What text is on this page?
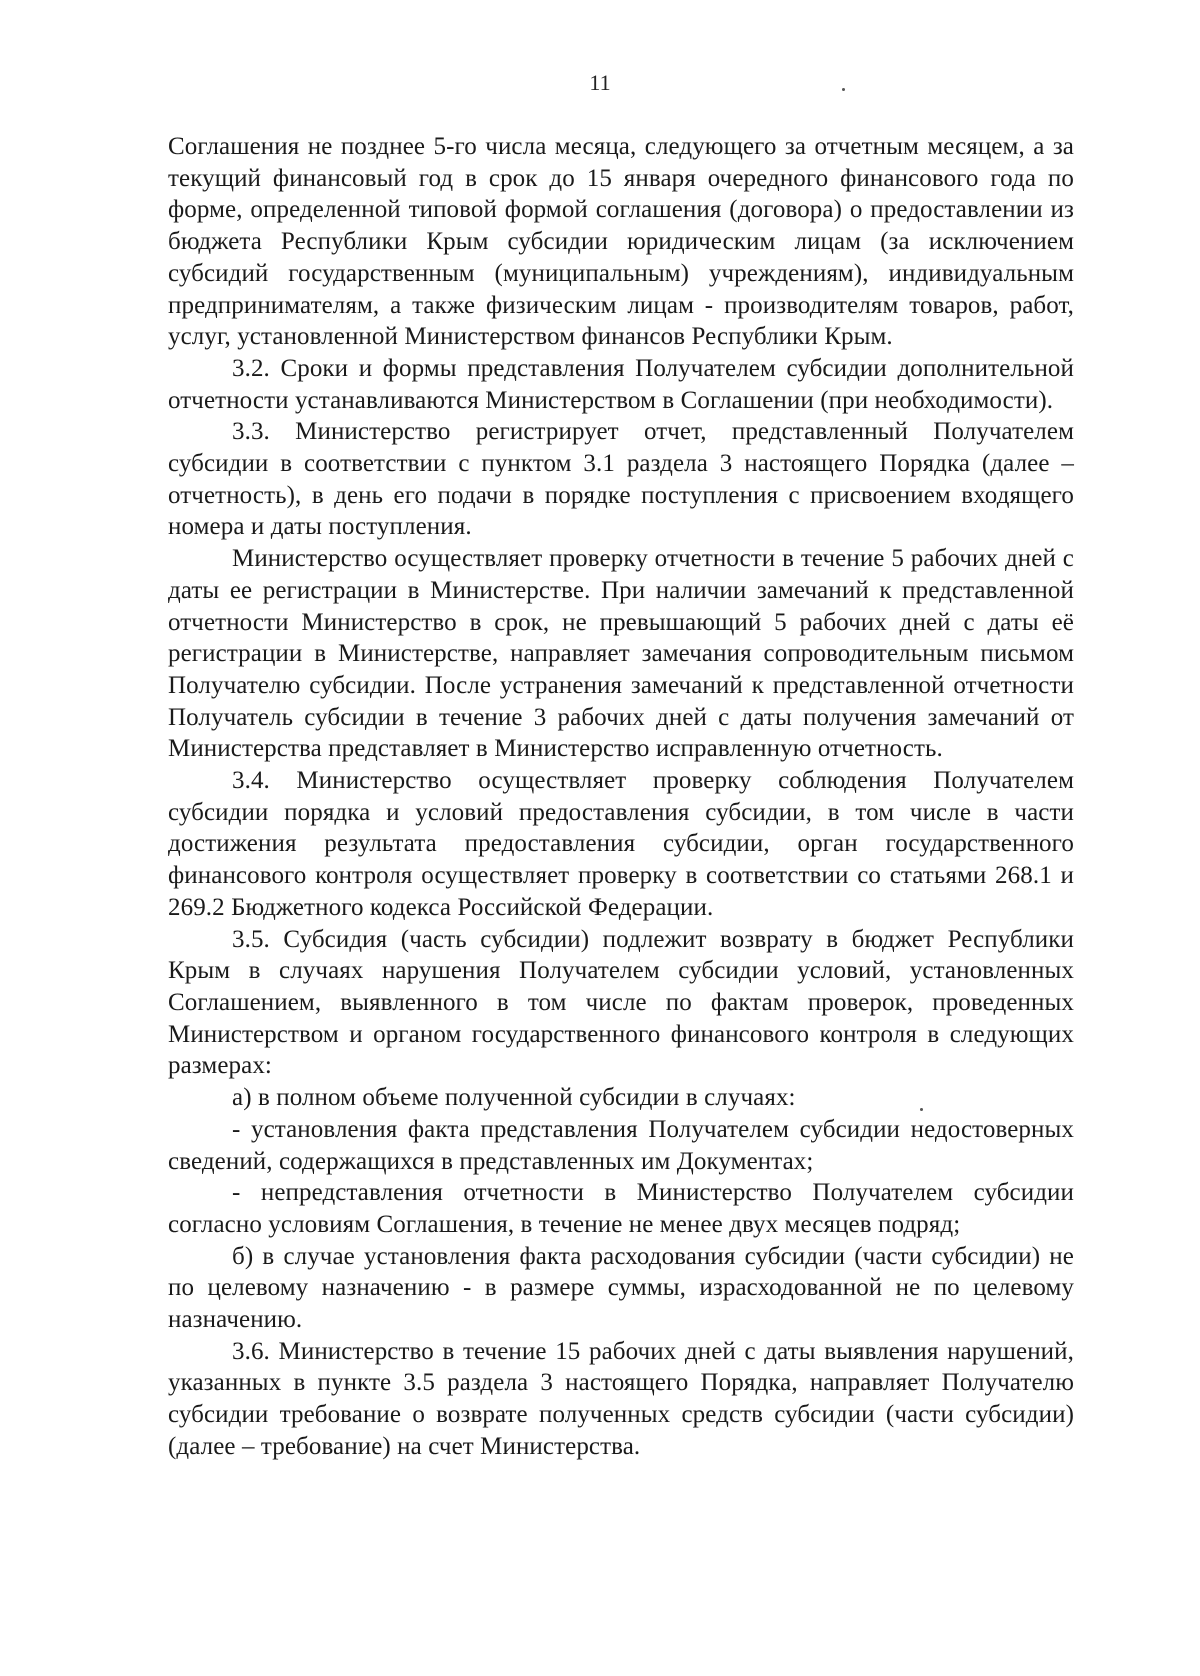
11

Соглашения не позднее 5-го числа месяца, следующего за отчетным месяцем, а за текущий финансовый год в срок до 15 января очередного финансового года по форме, определенной типовой формой соглашения (договора) о предоставлении из бюджета Республики Крым субсидии юридическим лицам (за исключением субсидий государственным (муниципальным) учреждениям), индивидуальным предпринимателям, а также физическим лицам - производителям товаров, работ, услуг, установленной Министерством финансов Республики Крым.

3.2. Сроки и формы представления Получателем субсидии дополнительной отчетности устанавливаются Министерством в Соглашении (при необходимости).

3.3. Министерство регистрирует отчет, представленный Получателем субсидии в соответствии с пунктом 3.1 раздела 3 настоящего Порядка (далее – отчетность), в день его подачи в порядке поступления с присвоением входящего номера и даты поступления.

Министерство осуществляет проверку отчетности в течение 5 рабочих дней с даты ее регистрации в Министерстве. При наличии замечаний к представленной отчетности Министерство в срок, не превышающий 5 рабочих дней с даты её регистрации в Министерстве, направляет замечания сопроводительным письмом Получателю субсидии. После устранения замечаний к представленной отчетности Получатель субсидии в течение 3 рабочих дней с даты получения замечаний от Министерства представляет в Министерство исправленную отчетность.

3.4. Министерство осуществляет проверку соблюдения Получателем субсидии порядка и условий предоставления субсидии, в том числе в части достижения результата предоставления субсидии, орган государственного финансового контроля осуществляет проверку в соответствии со статьями 268.1 и 269.2 Бюджетного кодекса Российской Федерации.

3.5. Субсидия (часть субсидии) подлежит возврату в бюджет Республики Крым в случаях нарушения Получателем субсидии условий, установленных Соглашением, выявленного в том числе по фактам проверок, проведенных Министерством и органом государственного финансового контроля в следующих размерах:

а) в полном объеме полученной субсидии в случаях:

- установления факта представления Получателем субсидии недостоверных сведений, содержащихся в представленных им Документах;

- непредставления отчетности в Министерство Получателем субсидии согласно условиям Соглашения, в течение не менее двух месяцев подряд;

б) в случае установления факта расходования субсидии (части субсидии) не по целевому назначению - в размере суммы, израсходованной не по целевому назначению.

3.6. Министерство в течение 15 рабочих дней с даты выявления нарушений, указанных в пункте 3.5 раздела 3 настоящего Порядка, направляет Получателю субсидии требование о возврате полученных средств субсидии (части субсидии) (далее – требование) на счет Министерства.
